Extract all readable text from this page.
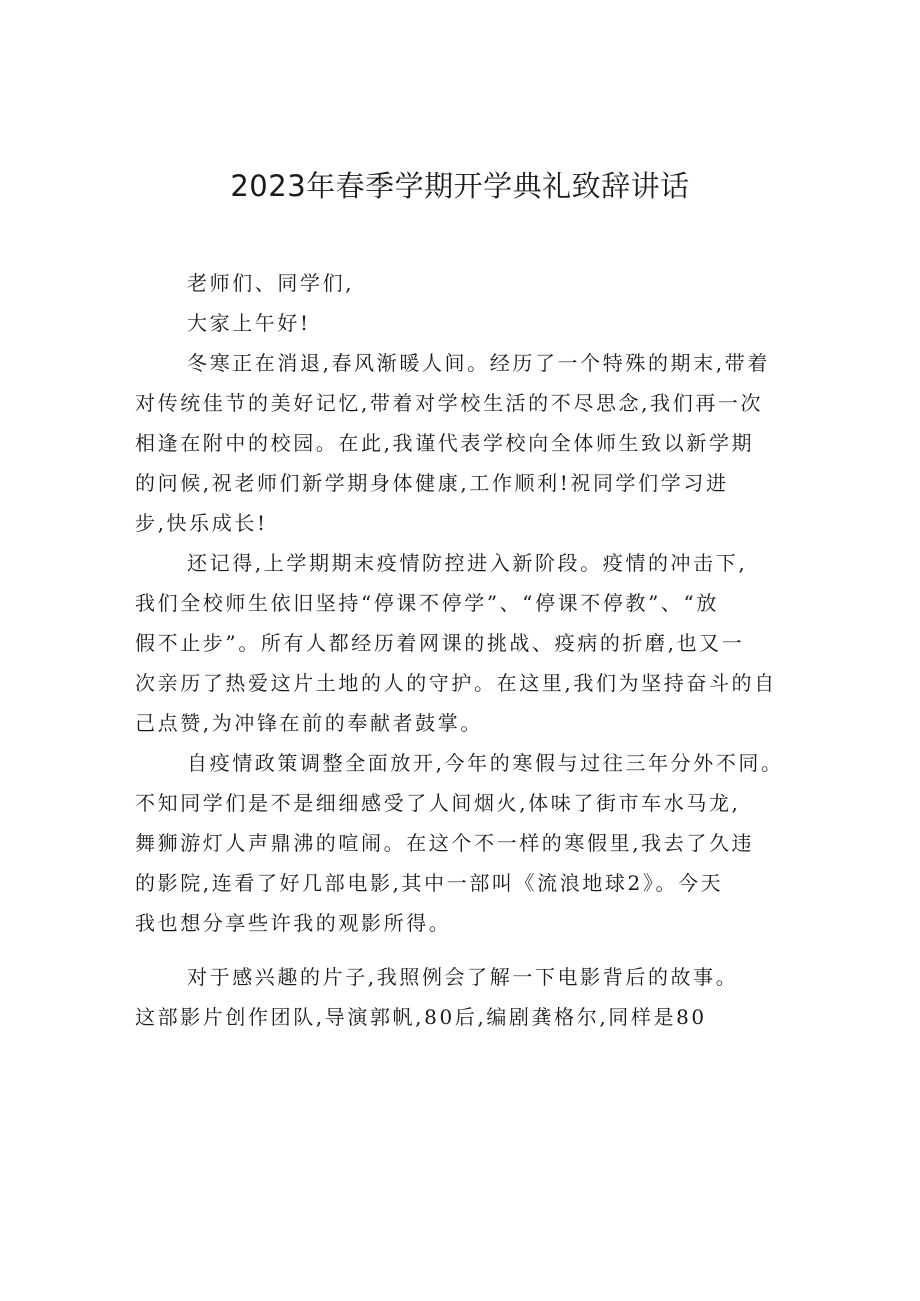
2023年春季学期开学典礼致辞讲话
老师们、同学们,
大家上午好!
冬寒正在消退,春风渐暖人间。经历了一个特殊的期末,带着
对传统佳节的美好记忆,带着对学校生活的不尽思念,我们再一次
相逢在附中的校园。在此,我谨代表学校向全体师生致以新学期
的问候,祝老师们新学期身体健康,工作顺利!祝同学们学习进
步,快乐成长!
还记得,上学期期末疫情防控进入新阶段。疫情的冲击下,
我们全校师生依旧坚持“停课不停学”、“停课不停教”、“放
假不止步”。所有人都经历着网课的挑战、疫病的折磨,也又一
次亲历了热爱这片土地的人的守护。在这里,我们为坚持奋斗的自
己点赞,为冲锋在前的奉献者鼓掌。
自疫情政策调整全面放开,今年的寒假与过往三年分外不同。
不知同学们是不是细细感受了人间烟火,体味了街市车水马龙,
舞狮游灯人声鼎沸的喧闹。在这个不一样的寒假里,我去了久违
的影院,连看了好几部电影,其中一部叫《流浪地球2》。今天
我也想分享些许我的观影所得。
对于感兴趣的片子,我照例会了解一下电影背后的故事。
这部影片创作团队,导演郭帆,80后,编剧龚格尔,同样是80
